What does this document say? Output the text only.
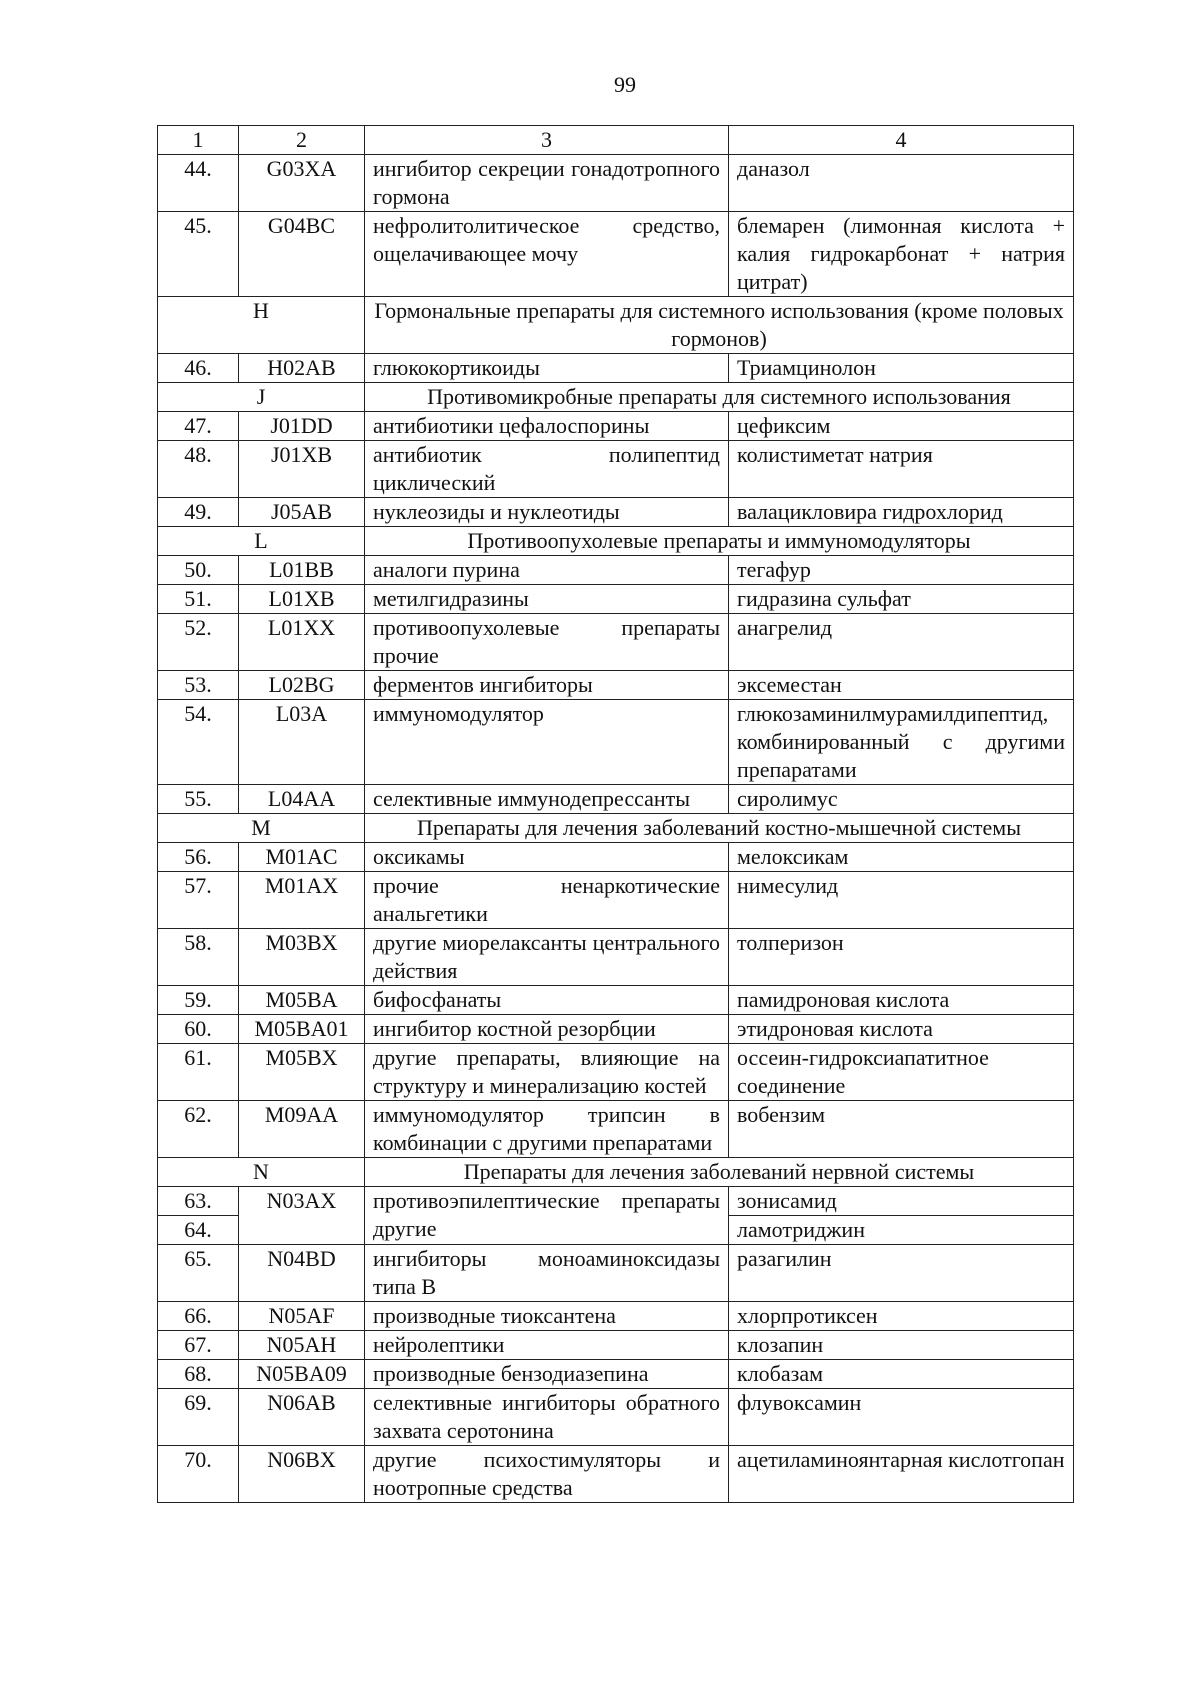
99
1	2	3	4
44.	G03XA	ингибитор секреции гонадотропного гормона	даназол
45.	G04BC	нефролитолитическое средство, ощелачивающее мочу	блемарен (лимонная кислота + калия гидрокарбонат + натрия цитрат)
H		Гормональные препараты для системного использования (кроме половых гормонов)	
46.	H02AB	глюкокортикоиды	Триамцинолон
J		Противомикробные препараты для системного использования	
47.	J01DD	антибиотики цефалоспорины	цефиксим
48.	J01XB	антибиотик полипептид циклический	колистиметат натрия
49.	J05AB	нуклеозиды и нуклеотиды	валацикловира гидрохлорид
L		Противоопухолевые препараты и иммуномодуляторы	
50.	L01BB	аналоги пурина	тегафур
51.	L01XB	метилгидразины	гидразина сульфат
52.	L01XX	противоопухолевые препараты прочие	анагрелид
53.	L02BG	ферментов ингибиторы	эксеместан
54.	L03A	иммуномодулятор	глюкозаминилмурамилдипептид, комбинированный с другими препаратами
55.	L04AA	селективные иммунодепрессанты	сиролимус
M		Препараты для лечения заболеваний костно-мышечной системы	
56.	M01AC	оксикамы	мелоксикам
57.	M01AX	прочие ненаркотические анальгетики	нимесулид
58.	M03BX	другие миорелаксанты центрального действия	толперизон
59.	M05BA	бифосфанаты	памидроновая кислота
60.	M05BA01	ингибитор костной резорбции	этидроновая кислота
61.	M05BX	другие препараты, влияющие на структуру и минерализацию костей	оссеин-гидроксиапатитное соединение
62.	M09AA	иммуномодулятор трипсин в комбинации с другими препаратами	вобензим
N		Препараты для лечения заболеваний нервной системы	
63.	N03AX	противоэпилептические препараты другие	зонисамид
64.			ламотриджин
65.	N04BD	ингибиторы моноаминоксидазы типа B	разагилин
66.	N05AF	производные тиоксантена	хлорпротиксен
67.	N05AH	нейролептики	клозапин
68.	N05BA09	производные бензодиазепина	клобазам
69.	N06AB	селективные ингибиторы обратного захвата серотонина	флувоксамин
70.	N06BX	другие психостимуляторы и ноотропные средства	ацетиламиноянтарная кислотгопан
